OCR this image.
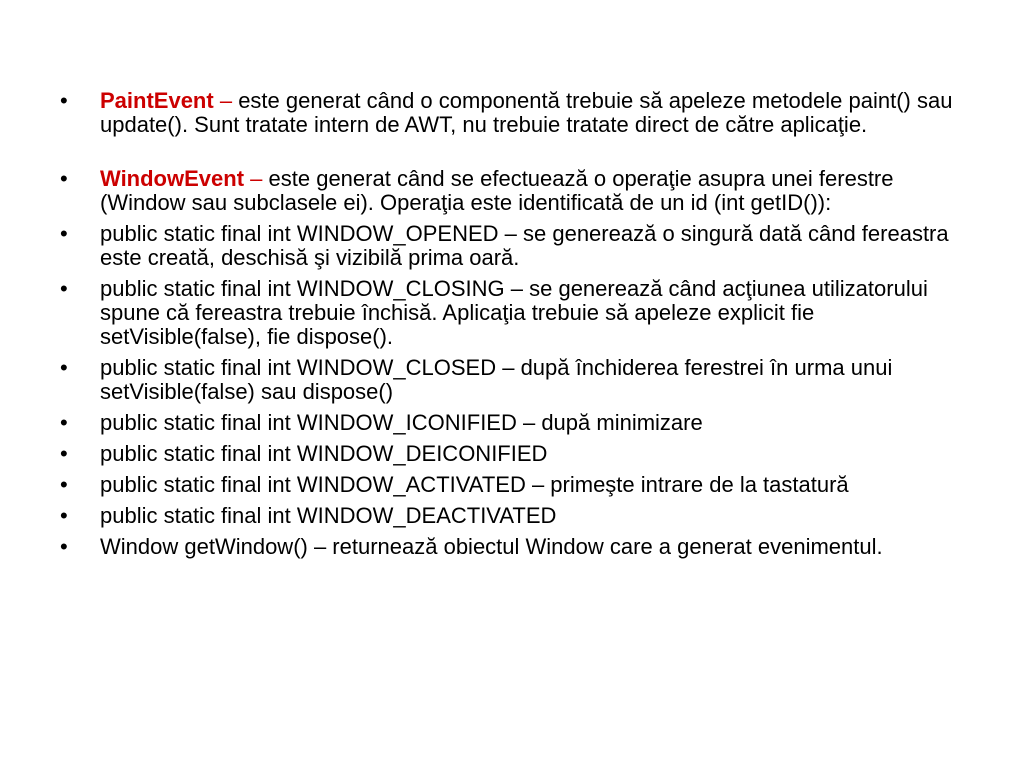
•	PaintEvent – este generat când o componentă trebuie să apeleze metodele paint() sau update(). Sunt tratate intern de AWT, nu trebuie tratate direct de către aplicaţie.
•	WindowEvent – este generat când se efectuează o operaţie asupra unei ferestre (Window sau subclasele ei). Operaţia este identificată de un id (int getID()):
•	public static final int WINDOW_OPENED – se generează o singură dată când fereastra este creată, deschisă şi vizibilă prima oară.
•	public static final int WINDOW_CLOSING – se generează când acţiunea utilizatorului spune că fereastra trebuie închisă. Aplicaţia trebuie să apeleze explicit fie setVisible(false), fie dispose().
•	public static final int WINDOW_CLOSED – după închiderea ferestrei în urma unui setVisible(false) sau dispose()
•	public static final int WINDOW_ICONIFIED – după minimizare
•	public static final int WINDOW_DEICONIFIED
•	public static final int WINDOW_ACTIVATED – primeşte intrare de la tastatură
•	public static final int WINDOW_DEACTIVATED
•	Window getWindow() – returnează obiectul Window care a generat evenimentul.
